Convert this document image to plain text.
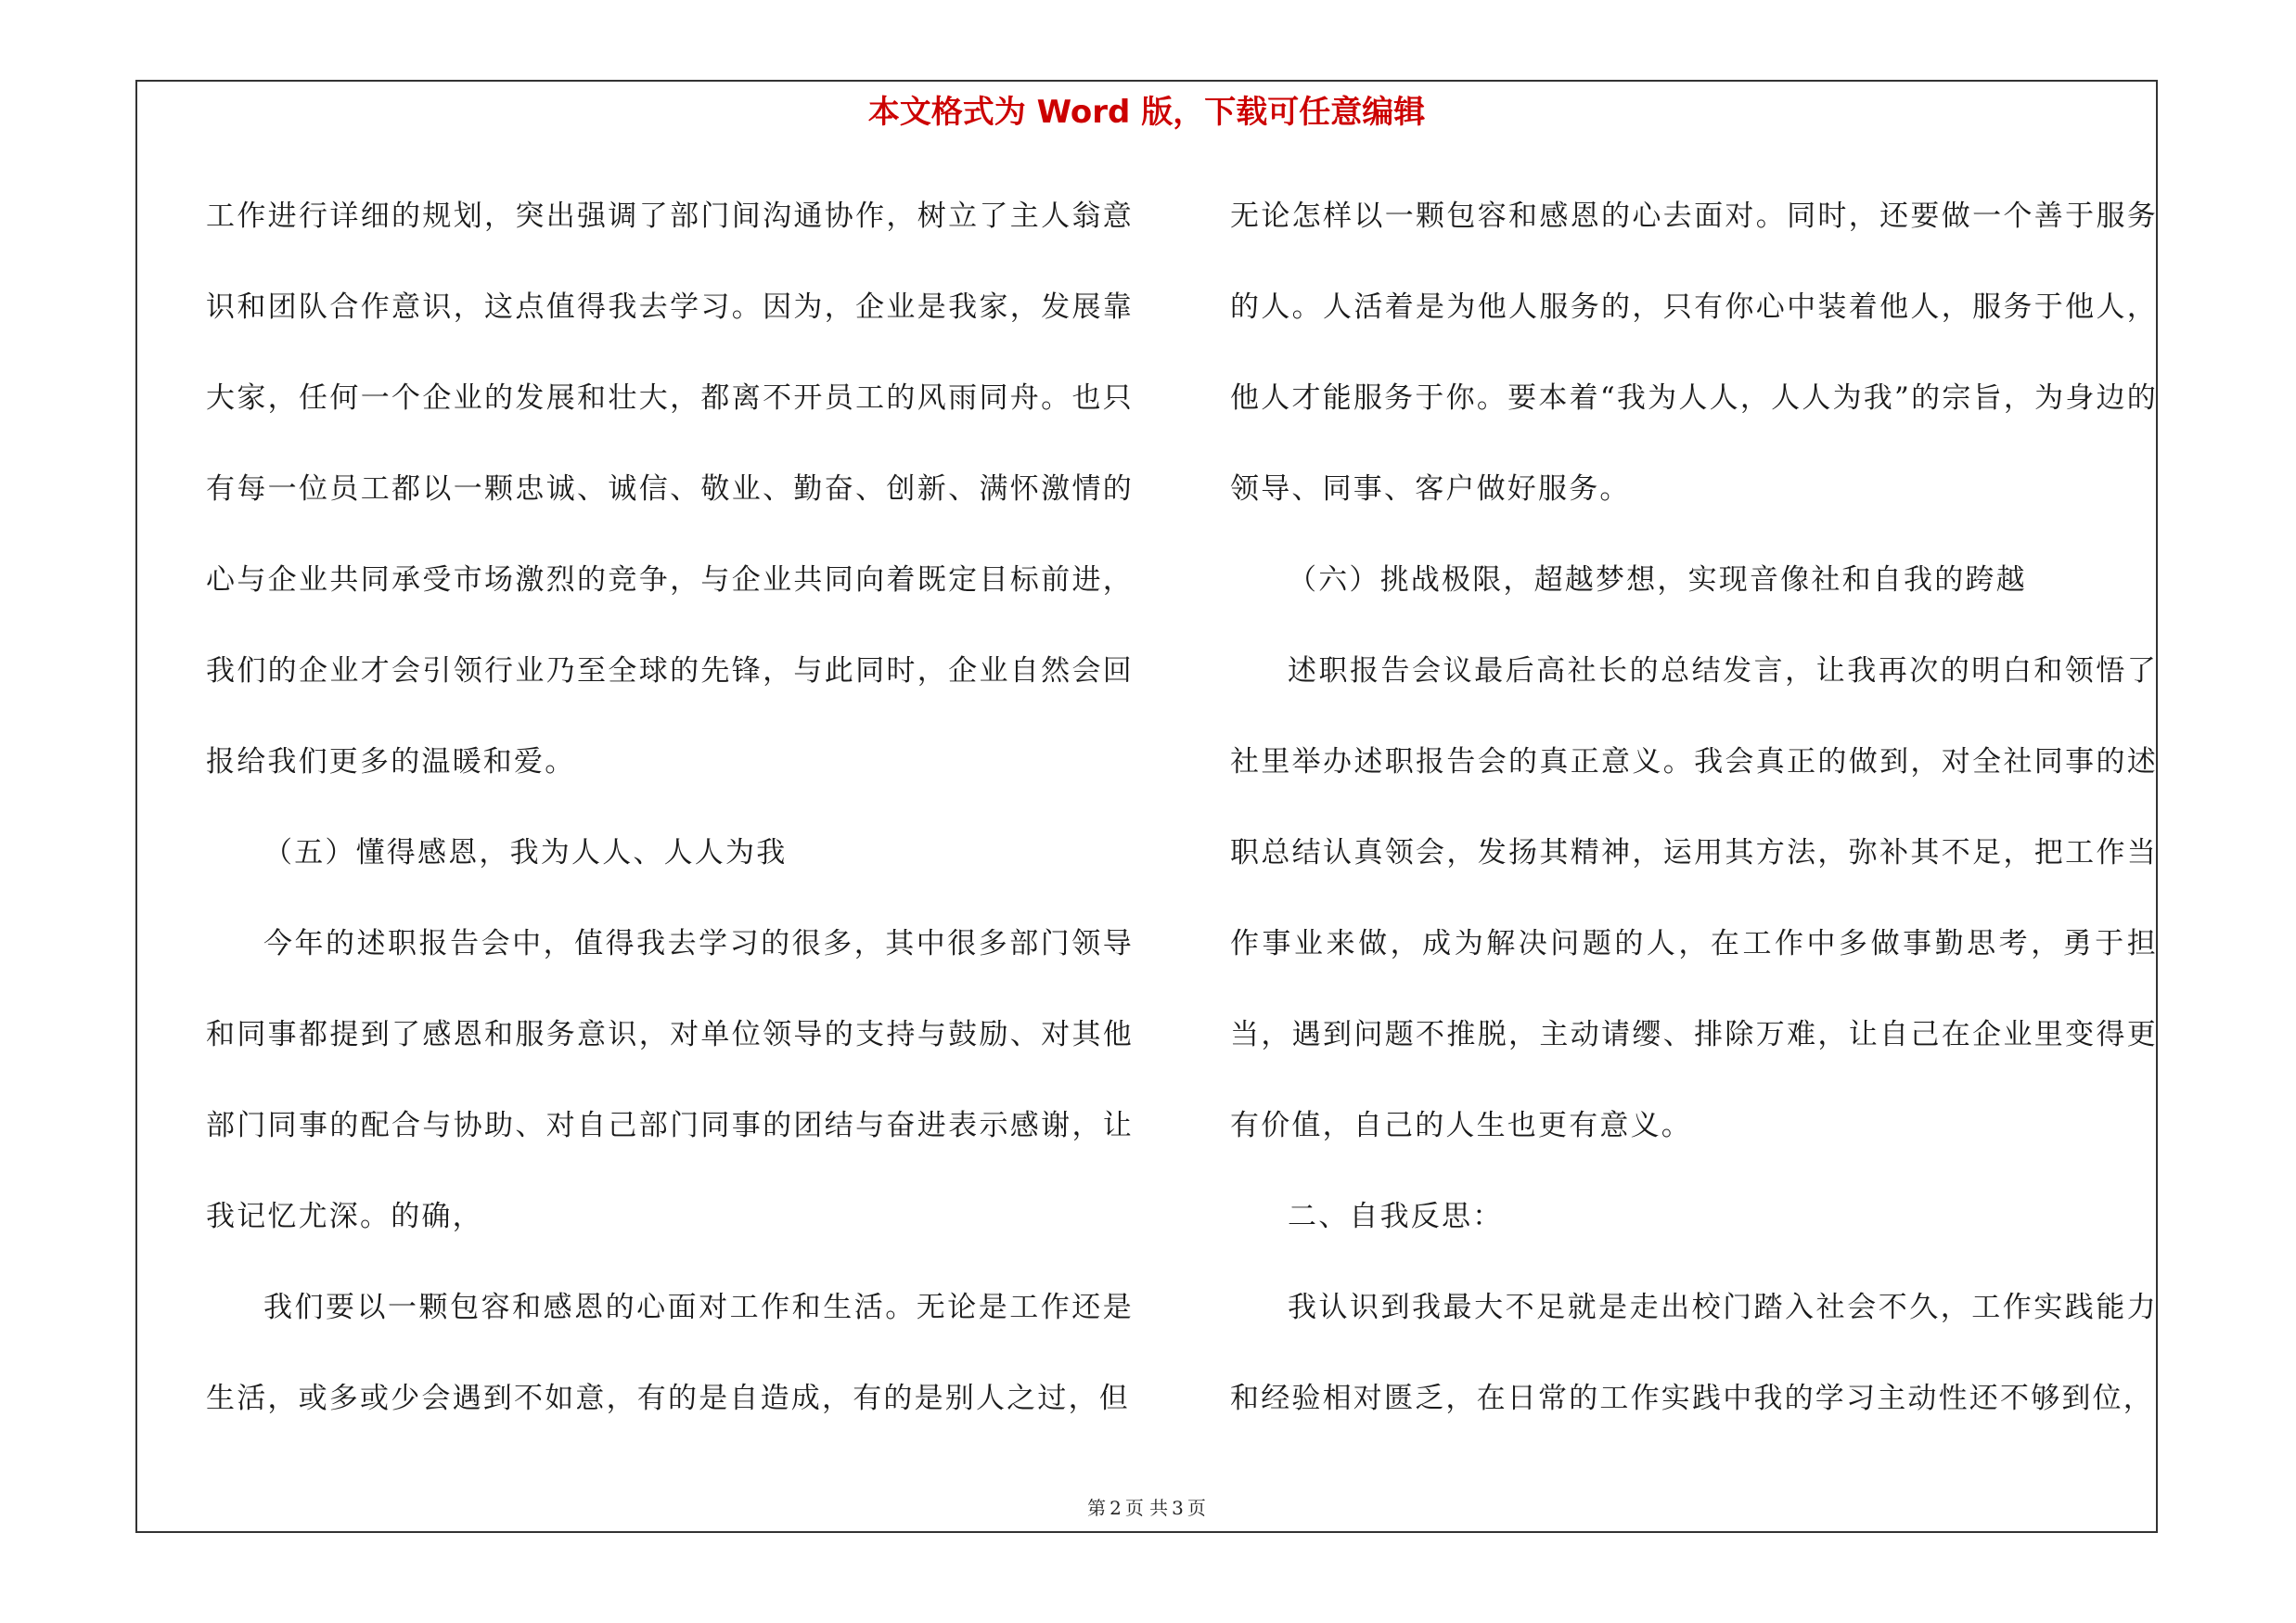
本文格式为 Word 版，下载可任意编辑

工作进行详细的规划，突出强调了部门间沟通协作，树立了主人翁意识和团队合作意识，这点值得我去学习。因为，企业是我家，发展靠大家，任何一个企业的发展和壮大，都离不开员工的风雨同舟。也只有每一位员工都以一颗忠诚、诚信、敬业、勤奋、创新、满怀激情的心与企业共同承受市场激烈的竞争，与企业共同向着既定目标前进，我们的企业才会引领行业乃至全球的先锋，与此同时，企业自然会回报给我们更多的温暖和爱。

（五）懂得感恩，我为人人、人人为我

今年的述职报告会中，值得我去学习的很多，其中很多部门领导和同事都提到了感恩和服务意识，对单位领导的支持与鼓励、对其他部门同事的配合与协助、对自己部门同事的团结与奋进表示感谢，让我记忆尤深。的确，

我们要以一颗包容和感恩的心面对工作和生活。无论是工作还是生活，或多或少会遇到不如意，有的是自造成，有的是别人之过，但

无论怎样以一颗包容和感恩的心去面对。同时，还要做一个善于服务的人。人活着是为他人服务的，只有你心中装着他人，服务于他人，他人才能服务于你。要本着“我为人人，人人为我”的宗旨，为身边的领导、同事、客户做好服务。

（六）挑战极限，超越梦想，实现音像社和自我的跨越

述职报告会议最后高社长的总结发言，让我再次的明白和领悟了社里举办述职报告会的真正意义。我会真正的做到，对全社同事的述职总结认真领会，发扬其精神，运用其方法，弥补其不足，把工作当作事业来做，成为解决问题的人，在工作中多做事勤思考，勇于担当，遇到问题不推脱，主动请缨、排除万难，让自己在企业里变得更有价值，自己的人生也更有意义。

二、自我反思：

我认识到我最大不足就是走出校门踏入社会不久，工作实践能力和经验相对匮乏，在日常的工作实践中我的学习主动性还不够到位，

第 2 页 共 3 页
